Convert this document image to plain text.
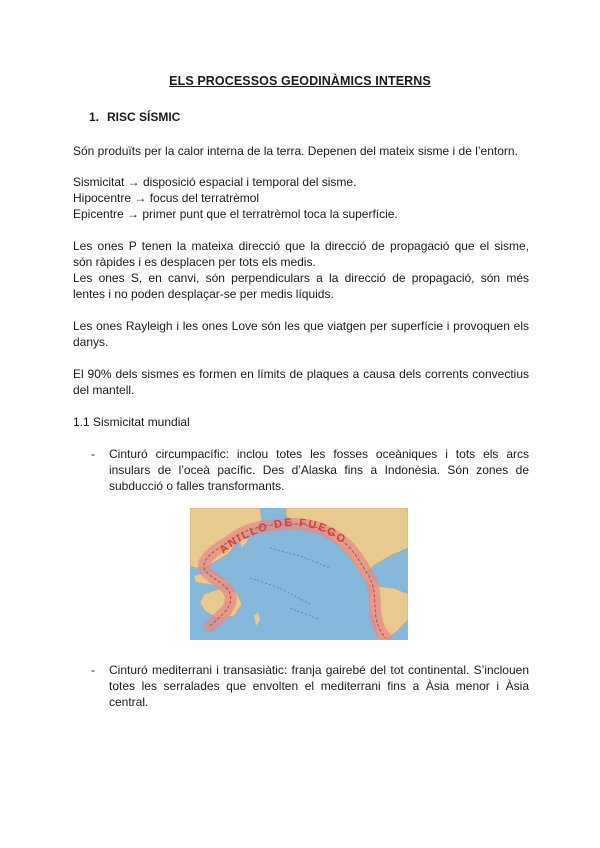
ELS PROCESSOS GEODINÀMICS INTERNS
1. RISC SÍSMIC

Són produïts per la calor interna de la terra. Depenen del mateix sisme i de l’entorn.

Sismicitat → disposició espacial i temporal del sisme.
Hipocentre → focus del terratrèmol
Epicentre → primer punt que el terratrèmol toca la superfície.
Les ones P tenen la mateixa direcció que la direcció de propagació que el sisme,
són ràpides i es desplacen per tots els medis.
Les ones S, en canvi, són perpendiculars a la direcció de propagació, són més
lentes i no poden desplaçar-se per medis líquids.
Les ones Rayleigh i les ones Love són les que viatgen per superfície i provoquen els
danys.
El 90% dels sismes es formen en límits de plaques a causa dels corrents convectius
del mantell.
1.1 Sismicitat mundial
- Cinturó circumpacífic: inclou totes les fosses oceàniques i tots els arcs
insulars de l’oceà pacífic. Des d’Alaska fins a Indonèsia. Són zones de
subducció o falles transformants.
ANILLO DE FUEGO
- Cinturó mediterrani i transasiàtic: franja gairebé del tot continental. S’inclouen
totes les serralades que envolten el mediterrani fins a Àsia menor i Àsia
central.
